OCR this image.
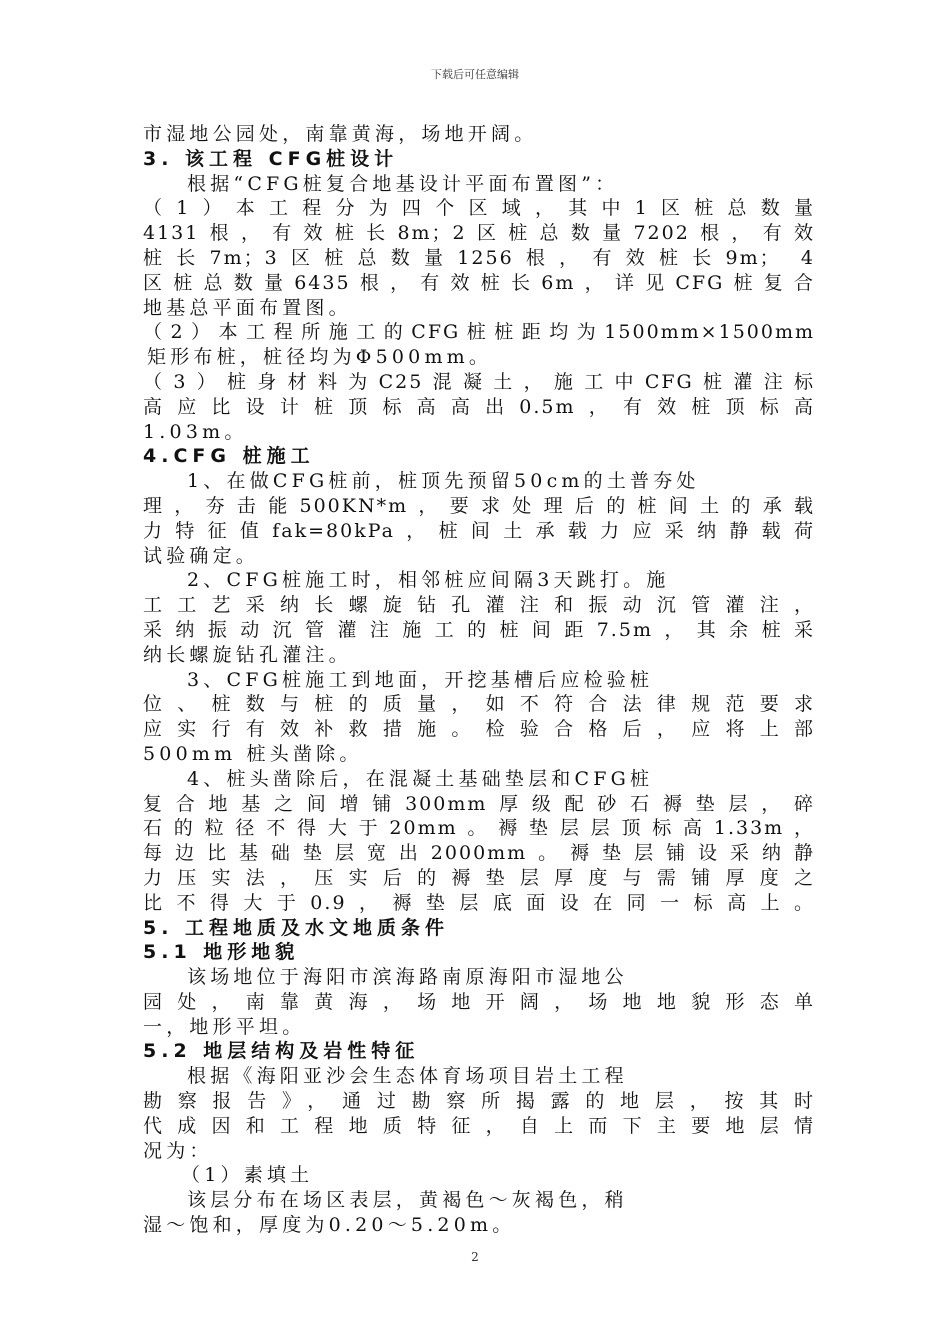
下载后可任意编辑
市湿地公园处，南靠黄海，场地开阔。
3. 该工程 CFG桩设计
根据“CFG桩复合地基设计平面布置图”：
（1）本工程分为四个区域，其中1区桩总数量
4131根，有效桩长8m；2区桩总数量7202根，有效
桩长7m；3区桩总数量1256根，有效桩长9m； 4
区桩总数量6435根，有效桩长6m，详见CFG桩复合
地基总平面布置图。
（2）本工程所施工的CFG桩桩距均为1500mm×1500mm
矩形布桩，桩径均为Φ500mm。
（3）桩身材料为C25混凝土，施工中CFG桩灌注标
高应比设计桩顶标高高出0.5m，有效桩顶标高
1.03m。
4.CFG 桩施工
1、在做CFG桩前，桩顶先预留50cm的土普夯处
理，夯击能500KN*m，要求处理后的桩间土的承载
力特征值fak=80kPa，桩间土承载力应采纳静载荷
试验确定。
2、CFG桩施工时，相邻桩应间隔3天跳打。施
工工艺采纳长螺旋钻孔灌注和振动沉管灌注，
采纳振动沉管灌注施工的桩间距7.5m，其余桩采
纳长螺旋钻孔灌注。
3、CFG桩施工到地面，开挖基槽后应检验桩
位、桩数与桩的质量，如不符合法律规范要求
应实行有效补救措施。检验合格后，应将上部
500mm 桩头凿除。
4、桩头凿除后，在混凝土基础垫层和CFG桩
复合地基之间增铺300mm厚级配砂石褥垫层，碎
石的粒径不得大于20mm。褥垫层层顶标高1.33m，
每边比基础垫层宽出2000mm。褥垫层铺设采纳静
力压实法，压实后的褥垫层厚度与需铺厚度之
比不得大于0.9，褥垫层底面设在同一标高上。
5. 工程地质及水文地质条件
5.1 地形地貌
该场地位于海阳市滨海路南原海阳市湿地公
园处，南靠黄海，场地开阔，场地地貌形态单
一，地形平坦。
5.2 地层结构及岩性特征
根据《海阳亚沙会生态体育场项目岩土工程
勘察报告》，通过勘察所揭露的地层，按其时
代成因和工程地质特征，自上而下主要地层情
况为：
（1）素填土
该层分布在场区表层，黄褐色～灰褐色，稍
湿～饱和，厚度为0.20～5.20m。
2
